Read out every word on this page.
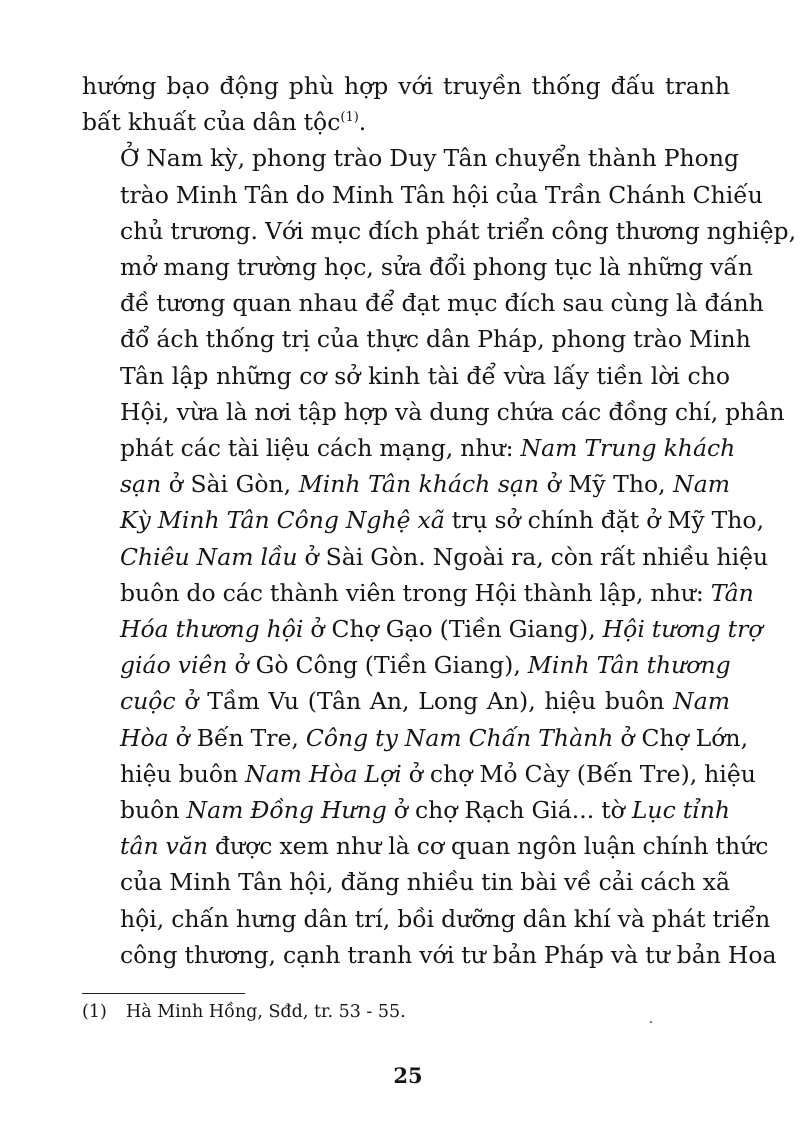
hướng bạo động phù hợp với truyền thống đấu tranh
bất khuất của dân tộc$^{(1)}$.
Ở Nam kỳ, phong trào Duy Tân chuyển thành Phong
trào Minh Tân do Minh Tân hội của Trần Chánh Chiếu
chủ trương. Với mục đích phát triển công thương nghiệp,
mở mang trường học, sửa đổi phong tục là những vấn
đề tương quan nhau để đạt mục đích sau cùng là đánh
đổ ách thống trị của thực dân Pháp, phong trào Minh
Tân lập những cơ sở kinh tài để vừa lấy tiền lời cho
Hội, vừa là nơi tập hợp và dung chứa các đồng chí, phân
phát các tài liệu cách mạng, như: Nam Trung khách
sạn ở Sài Gòn, Minh Tân khách sạn ở Mỹ Tho, Nam
Kỳ Minh Tân Công Nghệ xã trụ sở chính đặt ở Mỹ Tho,
Chiêu Nam lầu ở Sài Gòn. Ngoài ra, còn rất nhiều hiệu
buôn do các thành viên trong Hội thành lập, như: Tân
Hóa thương hội ở Chợ Gạo (Tiền Giang), Hội tương trợ
giáo viên ở Gò Công (Tiền Giang), Minh Tân thương
cuộc ở Tầm Vu (Tân An, Long An), hiệu buôn Nam
Hòa ở Bến Tre, Công ty Nam Chấn Thành ở Chợ Lớn,
hiệu buôn Nam Hòa Lợi ở chợ Mỏ Cày (Bến Tre), hiệu
buôn Nam Đồng Hưng ở chợ Rạch Giá... tờ Lục tỉnh
tân văn được xem như là cơ quan ngôn luận chính thức
của Minh Tân hội, đăng nhiều tin bài về cải cách xã
hội, chấn hưng dân trí, bồi dưỡng dân khí và phát triển
công thương, cạnh tranh với tư bản Pháp và tư bản Hoa
(1) Hà Minh Hồng, Sđd, tr. 53 - 55.
25
